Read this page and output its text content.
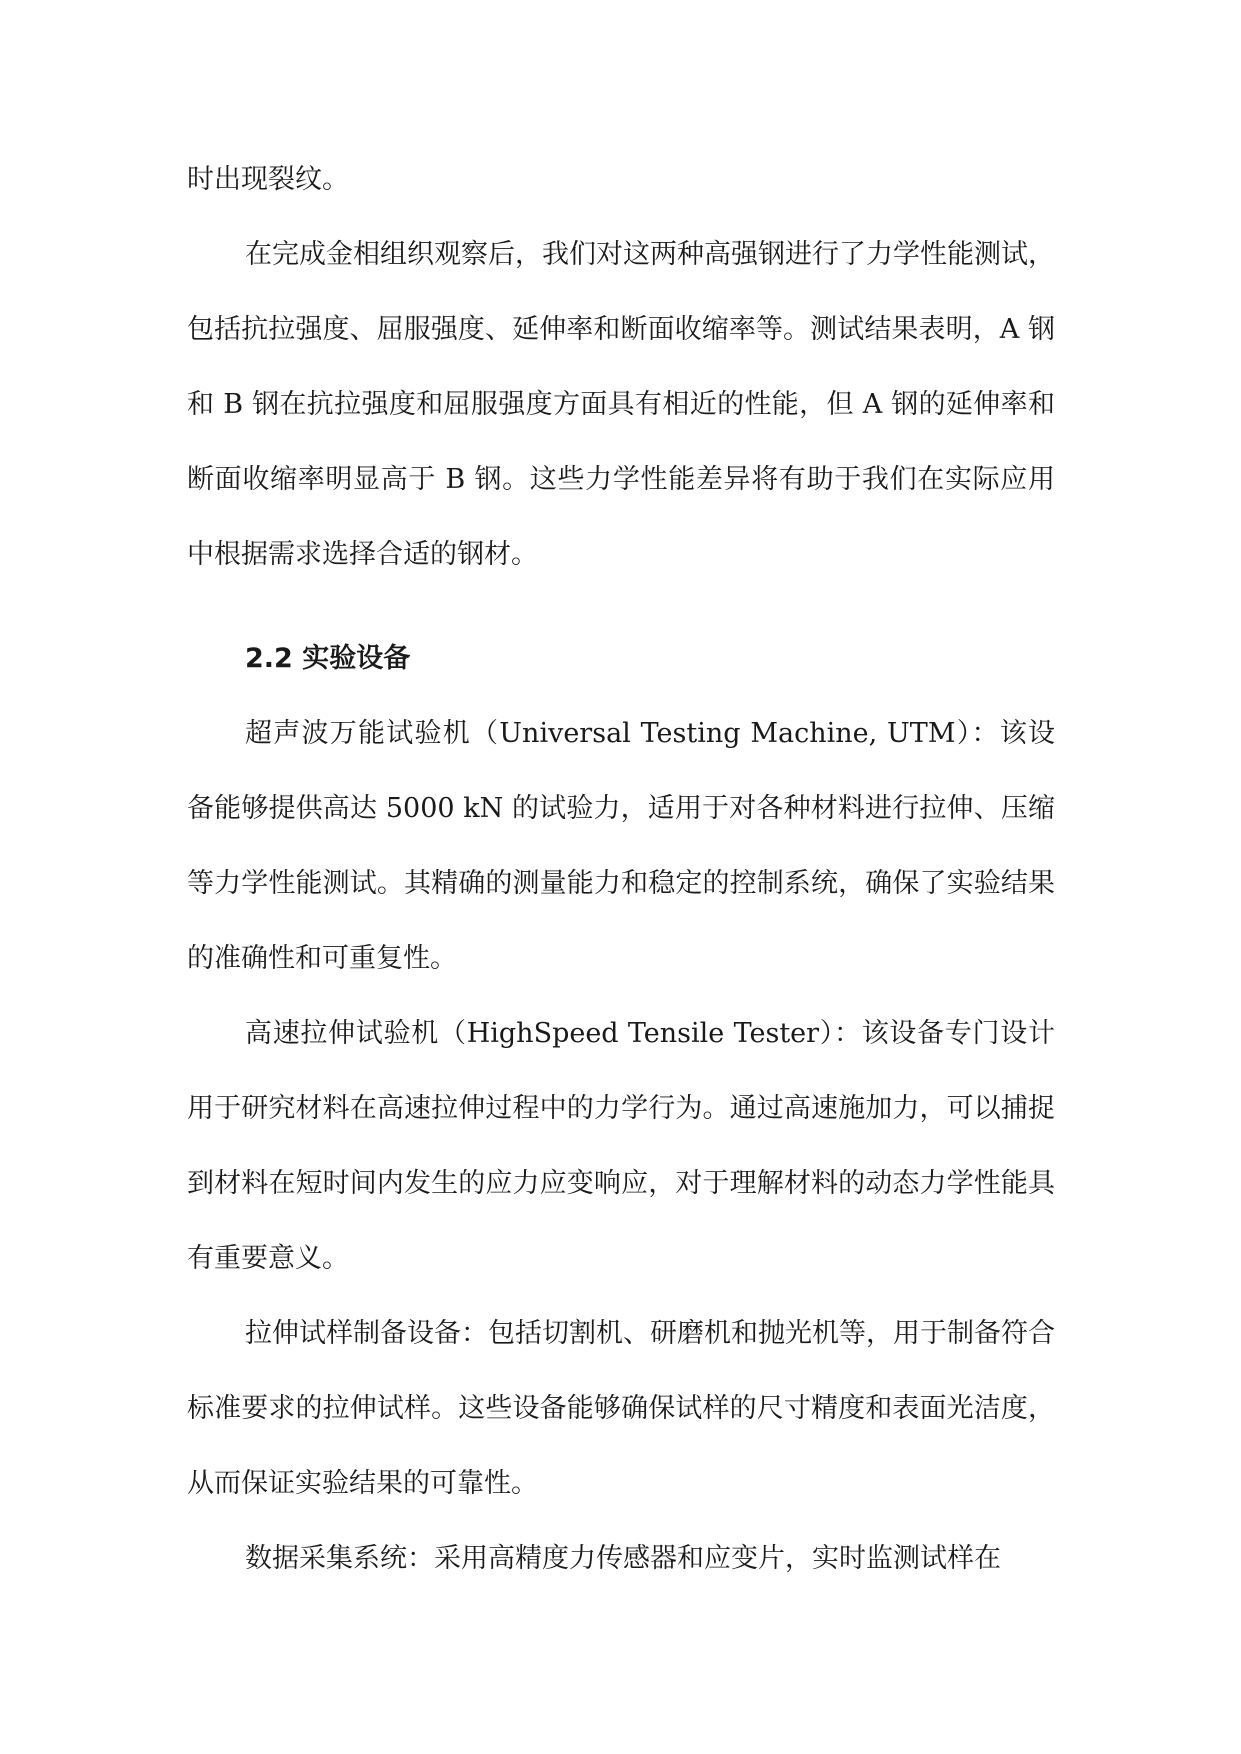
时出现裂纹。

在完成金相组织观察后，我们对这两种高强钢进行了力学性能测试，包括抗拉强度、屈服强度、延伸率和断面收缩率等。测试结果表明，A 钢和 B 钢在抗拉强度和屈服强度方面具有相近的性能，但 A 钢的延伸率和断面收缩率明显高于 B 钢。这些力学性能差异将有助于我们在实际应用中根据需求选择合适的钢材。

2.2 实验设备

超声波万能试验机（Universal Testing Machine, UTM）：该设备能够提供高达 5000 kN 的试验力，适用于对各种材料进行拉伸、压缩等力学性能测试。其精确的测量能力和稳定的控制系统，确保了实验结果的准确性和可重复性。

高速拉伸试验机（HighSpeed Tensile Tester）：该设备专门设计用于研究材料在高速拉伸过程中的力学行为。通过高速施加力，可以捕捉到材料在短时间内发生的应力应变响应，对于理解材料的动态力学性能具有重要意义。

拉伸试样制备设备：包括切割机、研磨机和抛光机等，用于制备符合标准要求的拉伸试样。这些设备能够确保试样的尺寸精度和表面光洁度，从而保证实验结果的可靠性。

数据采集系统：采用高精度力传感器和应变片，实时监测试样在
